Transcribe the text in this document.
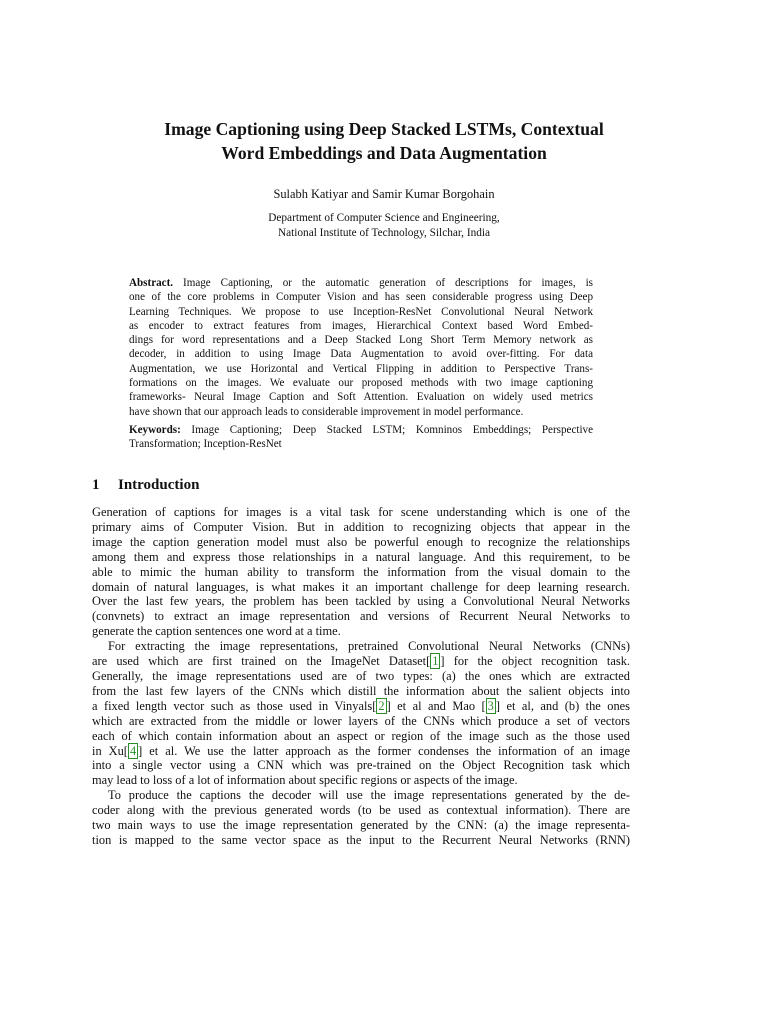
Image Captioning using Deep Stacked LSTMs, Contextual
Word Embeddings and Data Augmentation
Sulabh Katiyar and Samir Kumar Borgohain
Department of Computer Science and Engineering,
National Institute of Technology, Silchar, India
Abstract. Image Captioning, or the automatic generation of descriptions for images, is
one of the core problems in Computer Vision and has seen considerable progress using Deep
Learning Techniques. We propose to use Inception-ResNet Convolutional Neural Network
as encoder to extract features from images, Hierarchical Context based Word Embed-
dings for word representations and a Deep Stacked Long Short Term Memory network as
decoder, in addition to using Image Data Augmentation to avoid over-fitting. For data
Augmentation, we use Horizontal and Vertical Flipping in addition to Perspective Trans-
formations on the images. We evaluate our proposed methods with two image captioning
frameworks- Neural Image Caption and Soft Attention. Evaluation on widely used metrics
have shown that our approach leads to considerable improvement in model performance.
Keywords: Image Captioning; Deep Stacked LSTM; Komninos Embeddings; Perspective
Transformation; Inception-ResNet
1 Introduction
Generation of captions for images is a vital task for scene understanding which is one of the
primary aims of Computer Vision. But in addition to recognizing objects that appear in the
image the caption generation model must also be powerful enough to recognize the relationships
among them and express those relationships in a natural language. And this requirement, to be
able to mimic the human ability to transform the information from the visual domain to the
domain of natural languages, is what makes it an important challenge for deep learning research.
Over the last few years, the problem has been tackled by using a Convolutional Neural Networks
(convnets) to extract an image representation and versions of Recurrent Neural Networks to
generate the caption sentences one word at a time.
For extracting the image representations, pretrained Convolutional Neural Networks (CNNs)
are used which are first trained on the ImageNet Dataset[ 1 ] for the object recognition task.
Generally, the image representations used are of two types: (a) the ones which are extracted
from the last few layers of the CNNs which distill the information about the salient objects into
a fixed length vector such as those used in Vinyals[ 2 ] et al and Mao [ 3 ] et al, and (b) the ones
which are extracted from the middle or lower layers of the CNNs which produce a set of vectors
each of which contain information about an aspect or region of the image such as the those used
in Xu[ 4 ] et al. We use the latter approach as the former condenses the information of an image
into a single vector using a CNN which was pre-trained on the Object Recognition task which
may lead to loss of a lot of information about specific regions or aspects of the image.
To produce the captions the decoder will use the image representations generated by the de-
coder along with the previous generated words (to be used as contextual information). There are
two main ways to use the image representation generated by the CNN: (a) the image representa-
tion is mapped to the same vector space as the input to the Recurrent Neural Networks (RNN)
